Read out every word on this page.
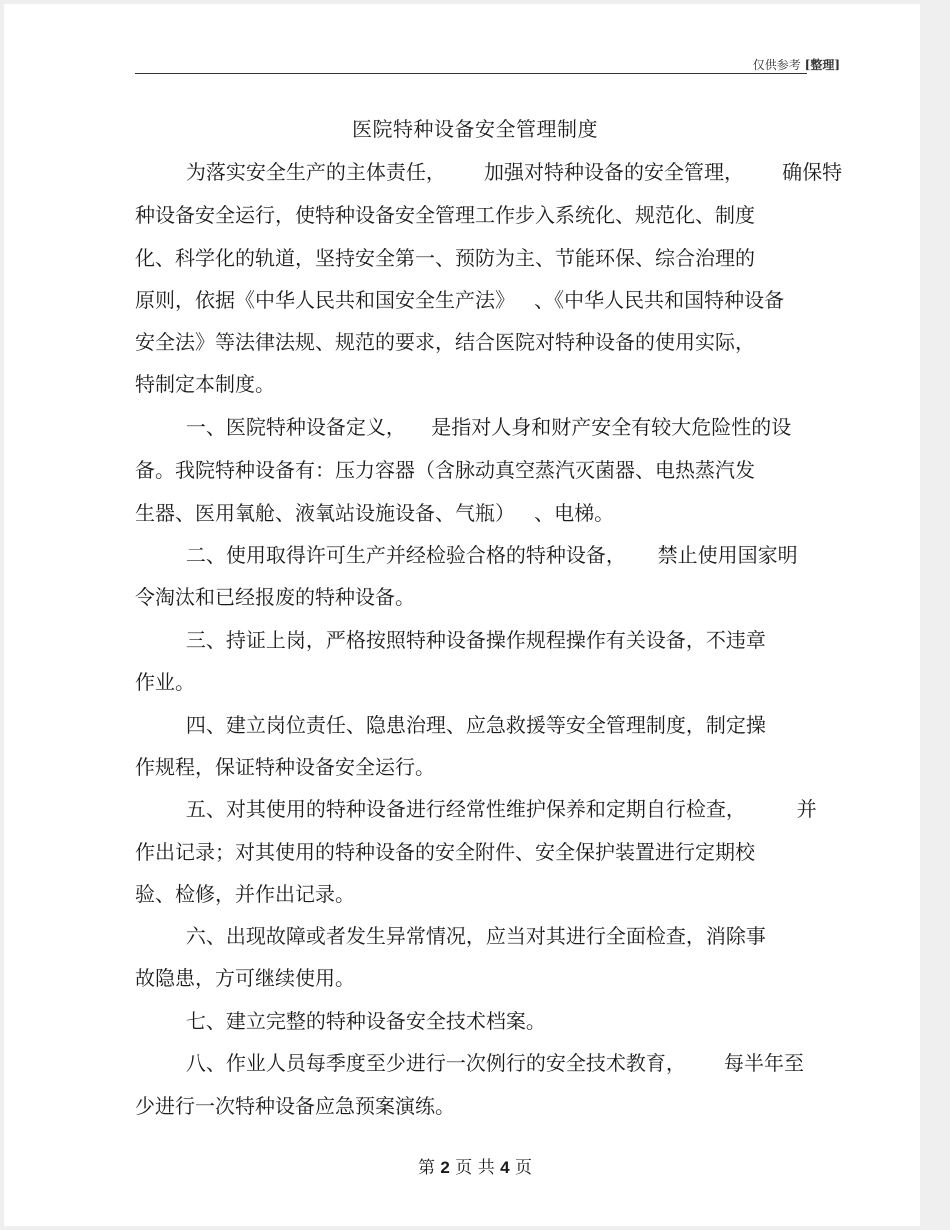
仅供参考 [整理]
医院特种设备安全管理制度
为落实安全生产的主体责任，      加强对特种设备的安全管理，      确保特
种设备安全运行，使特种设备安全管理工作步入系统化、规范化、制度
化、科学化的轨道，坚持安全第一、预防为主、节能环保、综合治理的
原则，依据《中华人民共和国安全生产法》   、《中华人民共和国特种设备
安全法》等法律法规、规范的要求，结合医院对特种设备的使用实际，
特制定本制度。
一、医院特种设备定义，    是指对人身和财产安全有较大危险性的设
备。我院特种设备有：压力容器（含脉动真空蒸汽灭菌器、电热蒸汽发
生器、医用氧舱、液氧站设施设备、气瓶）   、电梯。
二、使用取得许可生产并经检验合格的特种设备，     禁止使用国家明
令淘汰和已经报废的特种设备。
三、持证上岗，严格按照特种设备操作规程操作有关设备，不违章
作业。
四、建立岗位责任、隐患治理、应急救援等安全管理制度，制定操
作规程，保证特种设备安全运行。
五、对其使用的特种设备进行经常性维护保养和定期自行检查，        并
作出记录；对其使用的特种设备的安全附件、安全保护装置进行定期校
验、检修，并作出记录。
六、出现故障或者发生异常情况，应当对其进行全面检查，消除事
故隐患，方可继续使用。
七、建立完整的特种设备安全技术档案。
八、作业人员每季度至少进行一次例行的安全技术教育，      每半年至
少进行一次特种设备应急预案演练。
第 2 页 共 4 页
